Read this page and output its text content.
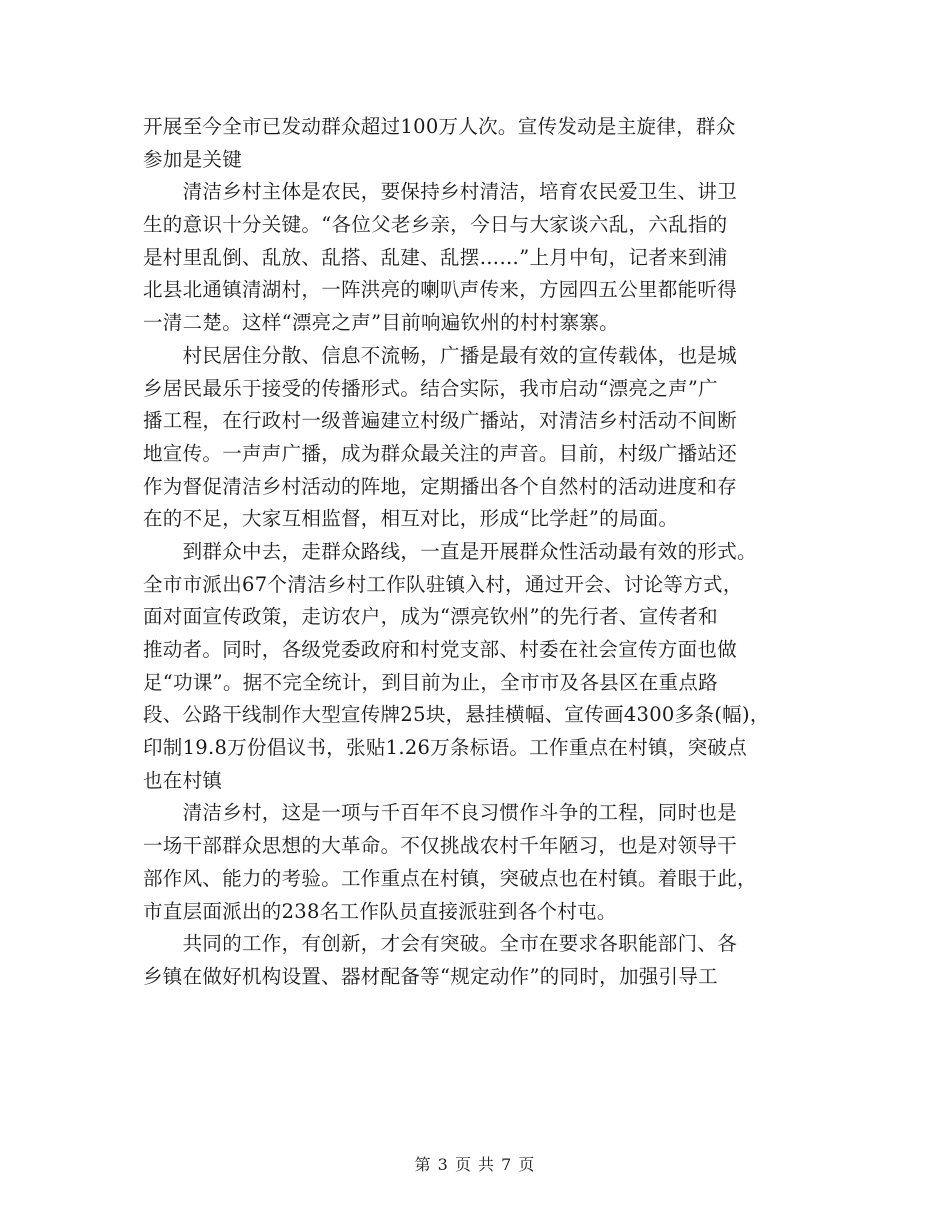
开展至今全市已发动群众超过100万人次。宣传发动是主旋律，群众
参加是关键
　　清洁乡村主体是农民，要保持乡村清洁，培育农民爱卫生、讲卫
生的意识十分关键。“各位父老乡亲，今日与大家谈六乱，六乱指的
是村里乱倒、乱放、乱搭、乱建、乱摆……”上月中旬，记者来到浦
北县北通镇清湖村，一阵洪亮的喇叭声传来，方园四五公里都能听得
一清二楚。这样“漂亮之声”目前响遍钦州的村村寨寨。
　　村民居住分散、信息不流畅，广播是最有效的宣传载体，也是城
乡居民最乐于接受的传播形式。结合实际，我市启动“漂亮之声”广
播工程，在行政村一级普遍建立村级广播站，对清洁乡村活动不间断
地宣传。一声声广播，成为群众最关注的声音。目前，村级广播站还
作为督促清洁乡村活动的阵地，定期播出各个自然村的活动进度和存
在的不足，大家互相监督，相互对比，形成“比学赶”的局面。
　　到群众中去，走群众路线，一直是开展群众性活动最有效的形式。
全市市派出67个清洁乡村工作队驻镇入村，通过开会、讨论等方式，
面对面宣传政策，走访农户，成为“漂亮钦州”的先行者、宣传者和
推动者。同时，各级党委政府和村党支部、村委在社会宣传方面也做
足“功课”。据不完全统计，到目前为止，全市市及各县区在重点路
段、公路干线制作大型宣传牌25块，悬挂横幅、宣传画4300多条(幅)，
印制19.8万份倡议书，张贴1.26万条标语。工作重点在村镇，突破点
也在村镇
　　清洁乡村，这是一项与千百年不良习惯作斗争的工程，同时也是
一场干部群众思想的大革命。不仅挑战农村千年陋习，也是对领导干
部作风、能力的考验。工作重点在村镇，突破点也在村镇。着眼于此，
市直层面派出的238名工作队员直接派驻到各个村屯。
　　共同的工作，有创新，才会有突破。全市在要求各职能部门、各
乡镇在做好机构设置、器材配备等“规定动作”的同时，加强引导工
第 3 页 共 7 页
